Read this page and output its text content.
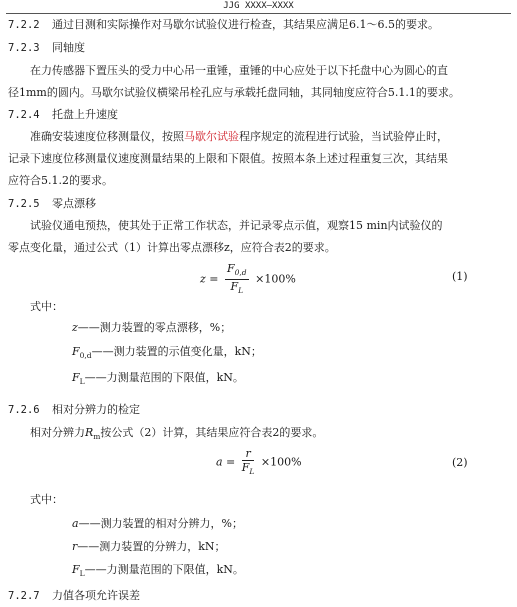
JJG XXXX—XXXX
7.2.2 通过目测和实际操作对马歇尔试验仪进行检查，其结果应满足6.1～6.5的要求。
7.2.3 同轴度
在力传感器下置压头的受力中心吊一重锤，重锤的中心应处于以下托盘中心为圆心的直
径1mm的圆内。马歇尔试验仪横梁吊栓孔应与承载托盘同轴，其同轴度应符合5.1.1的要求。
7.2.4 托盘上升速度
准确安装速度位移测量仪，按照马歇尔试验程序规定的流程进行试验，当试验停止时，
记录下速度位移测量仪速度测量结果的上限和下限值。按照本条上述过程重复三次，其结果
应符合5.1.2的要求。
7.2.5 零点漂移
试验仪通电预热，使其处于正常工作状态，并记录零点示值，观察15 min内试验仪的
零点变化量，通过公式（1）计算出零点漂移z，应符合表2的要求。
$z = \frac{F_{0,d}}{F_L} \times 100\%$	(1)
式中：
z——测力装置的零点漂移，%；
$F_{0,d}——$测力装置的示值变化量，kN；
$F_L——$力测量范围的下限值，kN。
7.2.6 相对分辨力的检定
相对分辨力$R_m$按公式（2）计算，其结果应符合表2的要求。
$a = \frac{r}{F_L} \times 100\%$	(2)
式中：
a——测力装置的相对分辨力，%；
r——测力装置的分辨力，kN；
$F_L——$力测量范围的下限值，kN。
7.2.7 力值各项允许误差
